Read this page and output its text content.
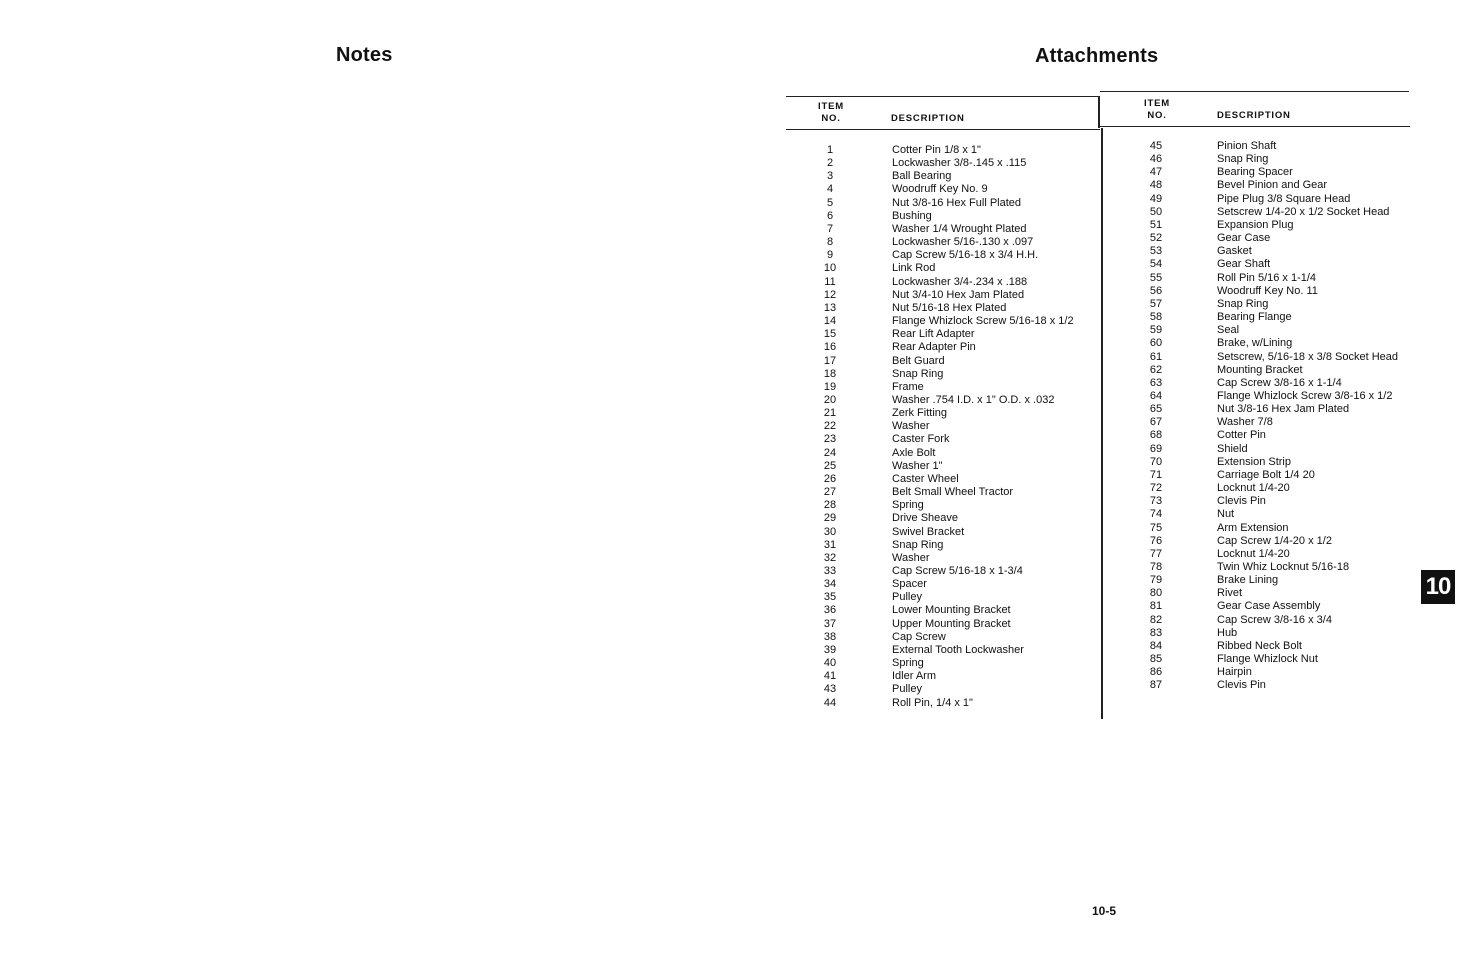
Notes	Attachments
ITEM
NO.	DESCRIPTION
ITEM
NO.	DESCRIPTION
1	Cotter Pin 1/8 x 1"
2	Lockwasher 3/8-.145 x .115
3	Ball Bearing
4	Woodruff Key No. 9
5	Nut 3/8-16 Hex Full Plated
6	Bushing
7	Washer 1/4 Wrought Plated
8	Lockwasher 5/16-.130 x .097
9	Cap Screw 5/16-18 x 3/4 H.H.
10	Link Rod
11	Lockwasher 3/4-.234 x .188
12	Nut 3/4-10 Hex Jam Plated
13	Nut 5/16-18 Hex Plated
14	Flange Whizlock Screw 5/16-18 x 1/2
15	Rear Lift Adapter
16	Rear Adapter Pin
17	Belt Guard
18	Snap Ring
19	Frame
20	Washer .754 I.D. x 1" O.D. x .032
21	Zerk Fitting
22	Washer
23	Caster Fork
24	Axle Bolt
25	Washer 1"
26	Caster Wheel
27	Belt Small Wheel Tractor
28	Spring
29	Drive Sheave
30	Swivel Bracket
31	Snap Ring
32	Washer
33	Cap Screw 5/16-18 x 1-3/4
34	Spacer
35	Pulley
36	Lower Mounting Bracket
37	Upper Mounting Bracket
38	Cap Screw
39	External Tooth Lockwasher
40	Spring
41	Idler Arm
43	Pulley
44	Roll Pin, 1/4 x 1"
45	Pinion Shaft
46	Snap Ring
47	Bearing Spacer
48	Bevel Pinion and Gear
49	Pipe Plug 3/8 Square Head
50	Setscrew 1/4-20 x 1/2 Socket Head
51	Expansion Plug
52	Gear Case
53	Gasket
54	Gear Shaft
55	Roll Pin 5/16 x 1-1/4
56	Woodruff Key No. 11
57	Snap Ring
58	Bearing Flange
59	Seal
60	Brake, w/Lining
61	Setscrew, 5/16-18 x 3/8 Socket Head
62	Mounting Bracket
63	Cap Screw 3/8-16 x 1-1/4
64	Flange Whizlock Screw 3/8-16 x 1/2
65	Nut 3/8-16 Hex Jam Plated
67	Washer 7/8
68	Cotter Pin
69	Shield
70	Extension Strip
71	Carriage Bolt 1/4 20
72	Locknut 1/4-20
73	Clevis Pin
74	Nut
75	Arm Extension
76	Cap Screw 1/4-20 x 1/2
77	Locknut 1/4-20
78	Twin Whiz Locknut 5/16-18
79	Brake Lining
80	Rivet
81	Gear Case Assembly
82	Cap Screw 3/8-16 x 3/4
83	Hub
84	Ribbed Neck Bolt
85	Flange Whizlock Nut
86	Hairpin
87	Clevis Pin
10
10-5
